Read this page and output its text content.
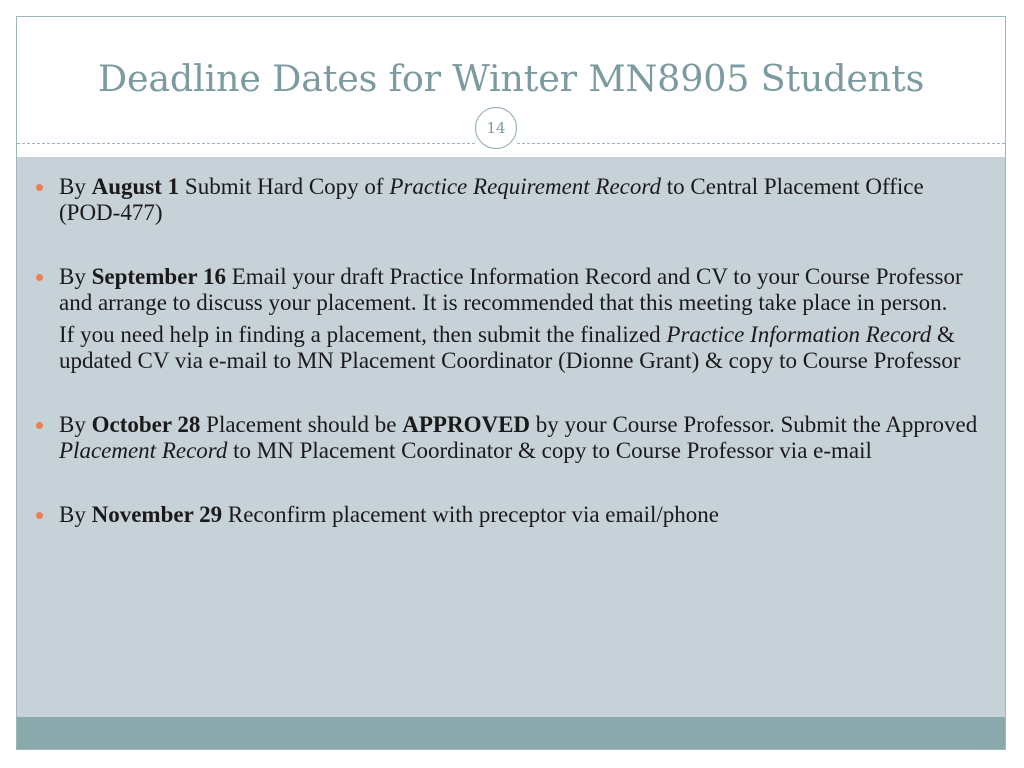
Deadline Dates for Winter MN8905 Students
14
By August 1 Submit Hard Copy of Practice Requirement Record to Central Placement Office (POD-477)
By September 16 Email your draft Practice Information Record and CV to your Course Professor and arrange to discuss your placement. It is recommended that this meeting take place in person.
If you need help in finding a placement, then submit the finalized Practice Information Record & updated CV via e-mail to MN Placement Coordinator (Dionne Grant) & copy to Course Professor
By October 28 Placement should be APPROVED by your Course Professor. Submit the Approved Placement Record to MN Placement Coordinator & copy to Course Professor via e-mail
By November 29 Reconfirm placement with preceptor via email/phone
